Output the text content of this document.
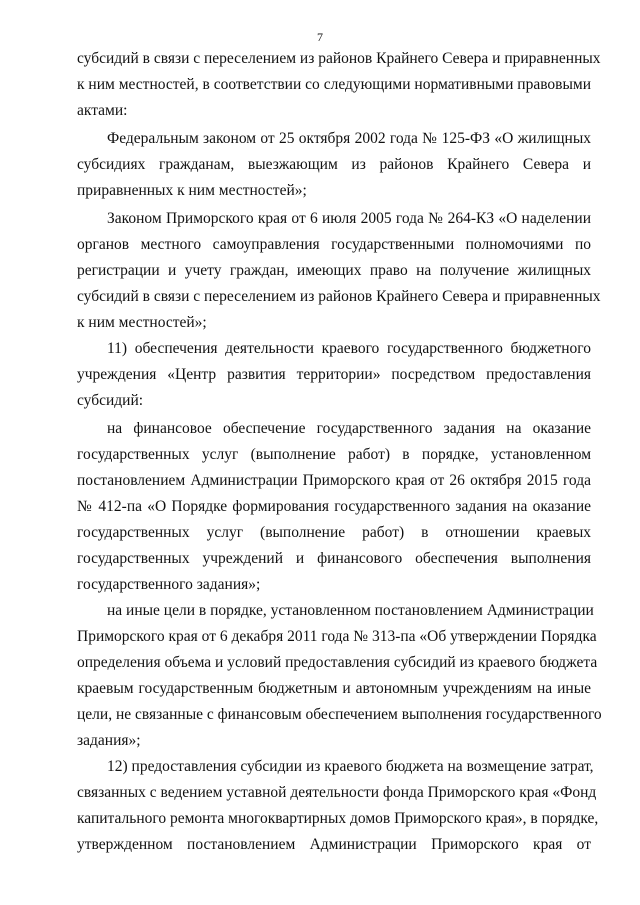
7
субсидий в связи с переселением из районов Крайнего Севера и приравненных
к ним местностей, в соответствии со следующими нормативными правовыми
актами:
Федеральным законом от 25 октября 2002 года № 125-ФЗ «О жилищных
субсидиях гражданам, выезжающим из районов Крайнего Севера и
приравненных к ним местностей»;
Законом Приморского края от 6 июля 2005 года № 264-КЗ «О наделении
органов местного самоуправления государственными полномочиями по
регистрации и учету граждан, имеющих право на получение жилищных
субсидий в связи с переселением из районов Крайнего Севера и приравненных
к ним местностей»;
11) обеспечения деятельности краевого государственного бюджетного
учреждения «Центр развития территории» посредством предоставления
субсидий:
на финансовое обеспечение государственного задания на оказание
государственных услуг (выполнение работ) в порядке, установленном
постановлением Администрации Приморского края от 26 октября 2015 года
№ 412-па «О Порядке формирования государственного задания на оказание
государственных услуг (выполнение работ) в отношении краевых
государственных учреждений и финансового обеспечения выполнения
государственного задания»;
на иные цели в порядке, установленном постановлением Администрации
Приморского края от 6 декабря 2011 года № 313-па «Об утверждении Порядка
определения объема и условий предоставления субсидий из краевого бюджета
краевым государственным бюджетным и автономным учреждениям на иные
цели, не связанные с финансовым обеспечением выполнения государственного
задания»;
12) предоставления субсидии из краевого бюджета на возмещение затрат,
связанных с ведением уставной деятельности фонда Приморского края «Фонд
капитального ремонта многоквартирных домов Приморского края», в порядке,
утвержденном постановлением Администрации Приморского края от
